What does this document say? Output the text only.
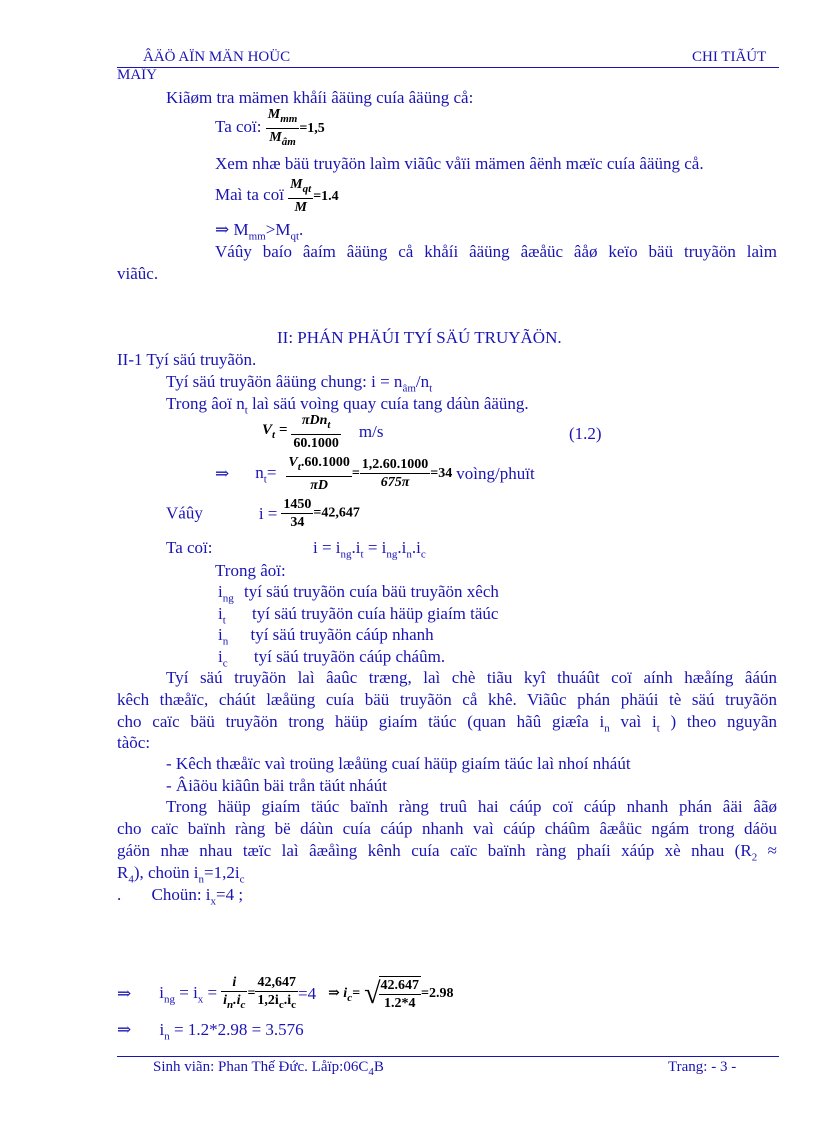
ÂÄÖ AÏN MÄN HOÜC	CHI TIÃÚT
MAÏY
Kiãøm tra mämen khåíi âäüng cuía âäüng cå:
Ta coï: $\frac{M_{mm}}{M_{âm}} =1,5$
Xem nhæ bäü truyãön laìm viãûc våïi mämen âënh mæïc cuía âäüng cå.
Maì ta coï $\frac{M_{qt}}{M} =1.4$
⇒ $M_{mm}>M_{qt}$.
Váûy baío âaím âäüng cå khåíi âäüng âæåüc âåø keïo bäü truyãön laìm
viãûc.
II: PHÁN PHÄÚI TYÍ SÄÚ TRUYÃÖN.
II-1 Tyí säú truyãön.
Tyí säú truyãön âäüng chung: $i = n_{âm}/n_t$
Trong âoï $n_t$ laì säú voìng quay cuía tang dáùn âäüng.
$V_t = \frac{\pi Dn_t}{60.1000} m/s$	(1.2)
⇒ $n_t= \frac{V_t.60.1000}{\pi D} = \frac{1,2.60.1000}{675\pi} =34$ voìng/phuït
Váûy	$i = \frac{1450}{34} =42,647$
Ta coï:	$i = i_{ng}.i_t = i_{ng}.i_n.i_c$
Trong âoï:
$i_{ng}$ tyí säú truyãön cuía bäü truyãön xêch
$i_t$ tyí säú truyãön cuía häüp giaím täúc
$i_n$ tyí säú truyãön cáúp nhanh
$i_c$ tyí säú truyãön cáúp cháûm.
Tyí säú truyãön laì âaûc træng, laì chè tiãu kyî thuáût coï aính hæåíng âáún
kêch thæåïc, cháút læåüng cuía bäü truyãön cå khê. Viãûc phán phäúi tè säú truyãön
cho caïc bäü truyãön trong häüp giaím täúc (quan hãû giæîa $i_n$ vaì $i_t$ ) theo nguyãn
tàõc:
- Kêch thæåïc vaì troüng læåüng cuaí häüp giaím täúc laì nhoí nháút
- Âiãöu kiãûn bäi trån täút nháút
Trong häüp giaím täúc baïnh ràng truû hai cáúp coï cáúp nhanh phán âäi âãø
cho caïc baïnh ràng bë dáùn cuía cáúp nhanh vaì cáúp cháûm âæåüc ngám trong dáöu
gáön nhæ nhau tæïc laì âæåìng kênh cuía caïc baïnh ràng phaíi xáúp xè nhau ($R_2$ ≈
$R_4$), choün $i_n=1,2i_c$
. Choün: $i_x=4$ ;
⇒ $i_{ng} = i_x = \frac{i}{i_n.i_c} = \frac{42,647}{1,2i_c.i_c} =4$ ⇒ $i_c=$ √
$\frac{42.647}{1.2*4} =2.98$
⇒ $i_n = 1.2*2.98 = 3.576$
Sinh viãn: Phan Thế Đức. $Låïp:06C_4B$	Trang: - 3 -
